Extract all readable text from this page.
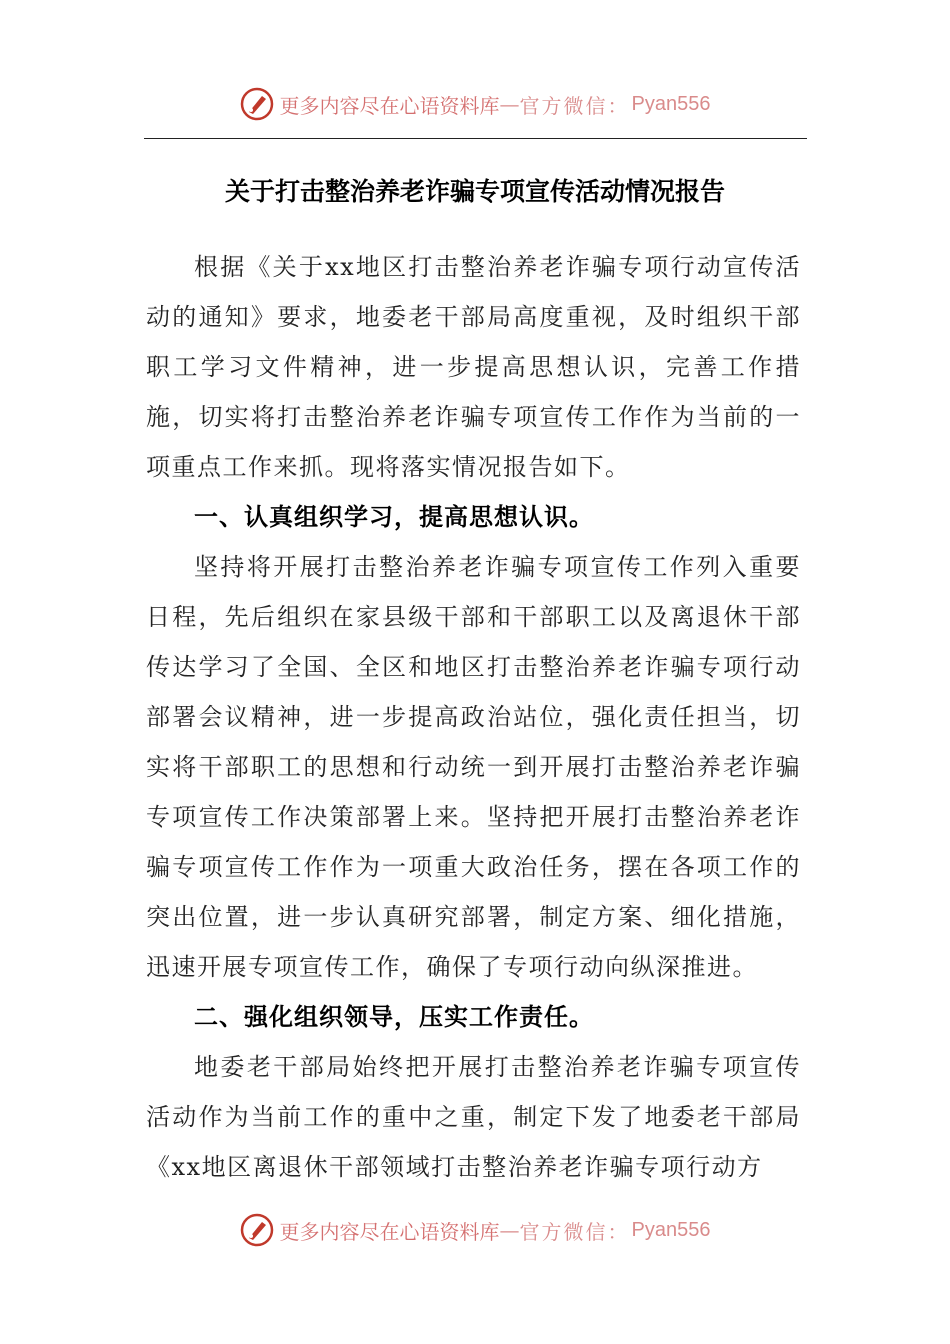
更多内容尽在心语资料库 — 官方微信： Pyan556
关于打击整治养老诈骗专项宣传活动情况报告

根据《关于xx地区打击整治养老诈骗专项行动宣传活动的通知》要求，地委老干部局高度重视，及时组织干部职工学习文件精神，进一步提高思想认识，完善工作措施，切实将打击整治养老诈骗专项宣传工作作为当前的一项重点工作来抓。现将落实情况报告如下。

一、认真组织学习，提高思想认识。

坚持将开展打击整治养老诈骗专项宣传工作列入重要日程，先后组织在家县级干部和干部职工以及离退休干部传达学习了全国、全区和地区打击整治养老诈骗专项行动部署会议精神，进一步提高政治站位，强化责任担当，切实将干部职工的思想和行动统一到开展打击整治养老诈骗专项宣传工作决策部署上来。坚持把开展打击整治养老诈骗专项宣传工作作为一项重大政治任务，摆在各项工作的突出位置，进一步认真研究部署，制定方案、细化措施，迅速开展专项宣传工作，确保了专项行动向纵深推进。

二、强化组织领导，压实工作责任。

地委老干部局始终把开展打击整治养老诈骗专项宣传活动作为当前工作的重中之重，制定下发了地委老干部局《xx地区离退休干部领域打击整治养老诈骗专项行动方

更多内容尽在心语资料库 — 官方微信： Pyan556
